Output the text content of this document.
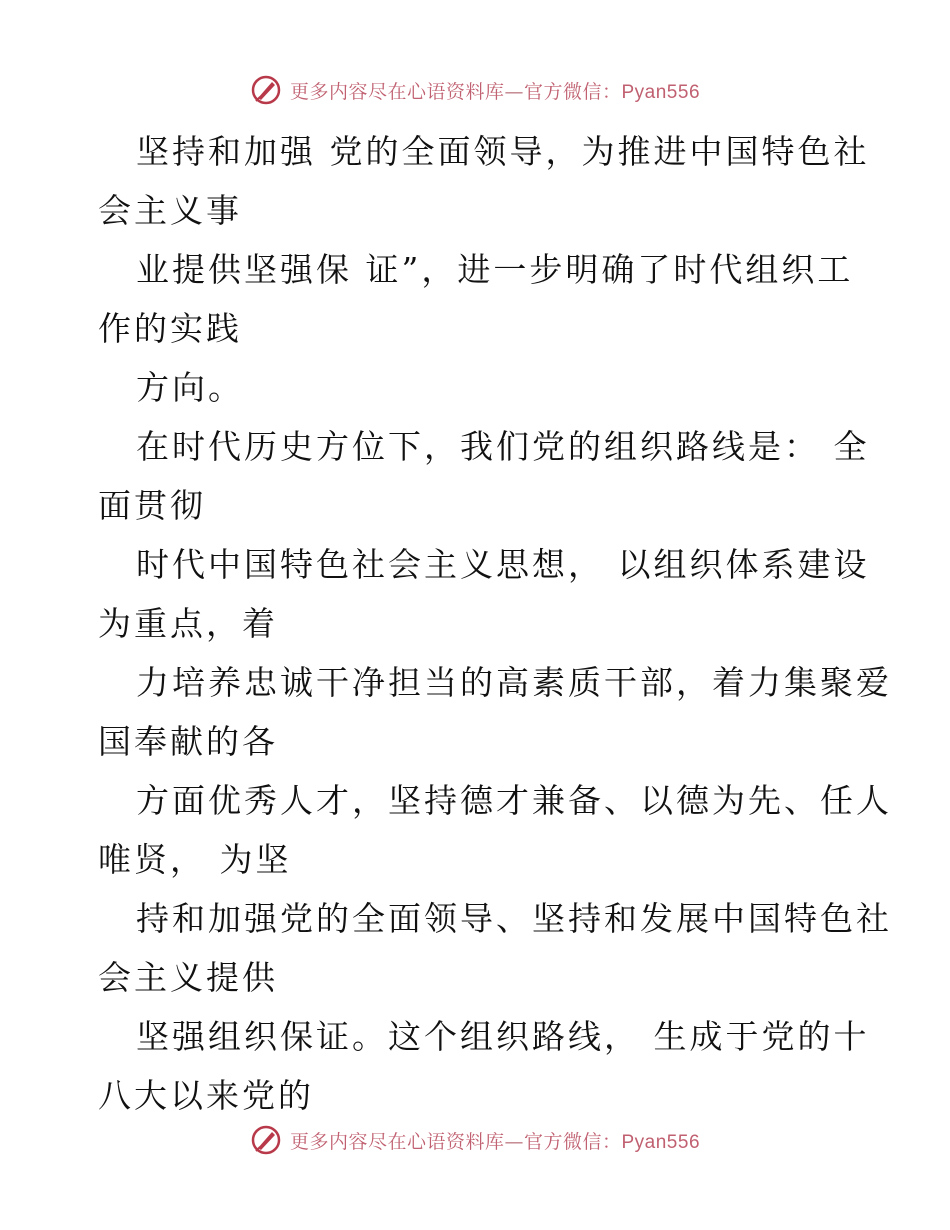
更多内容尽在心语资料库—官方微信：Pyan556
坚持和加强 党的全面领导，为推进中国特色社
会主义事
业提供坚强保 证”，进一步明确了时代组织工
作的实践
方向。
在时代历史方位下，我们党的组织路线是： 全
面贯彻
时代中国特色社会主义思想， 以组织体系建设
为重点，着
力培养忠诚干净担当的高素质干部，着力集聚爱
国奉献的各
方面优秀人才，坚持德才兼备、以德为先、任人
唯贤， 为坚
持和加强党的全面领导、坚持和发展中国特色社
会主义提供
坚强组织保证。这个组织路线， 生成于党的十
八大以来党的
更多内容尽在心语资料库—官方微信：Pyan556
